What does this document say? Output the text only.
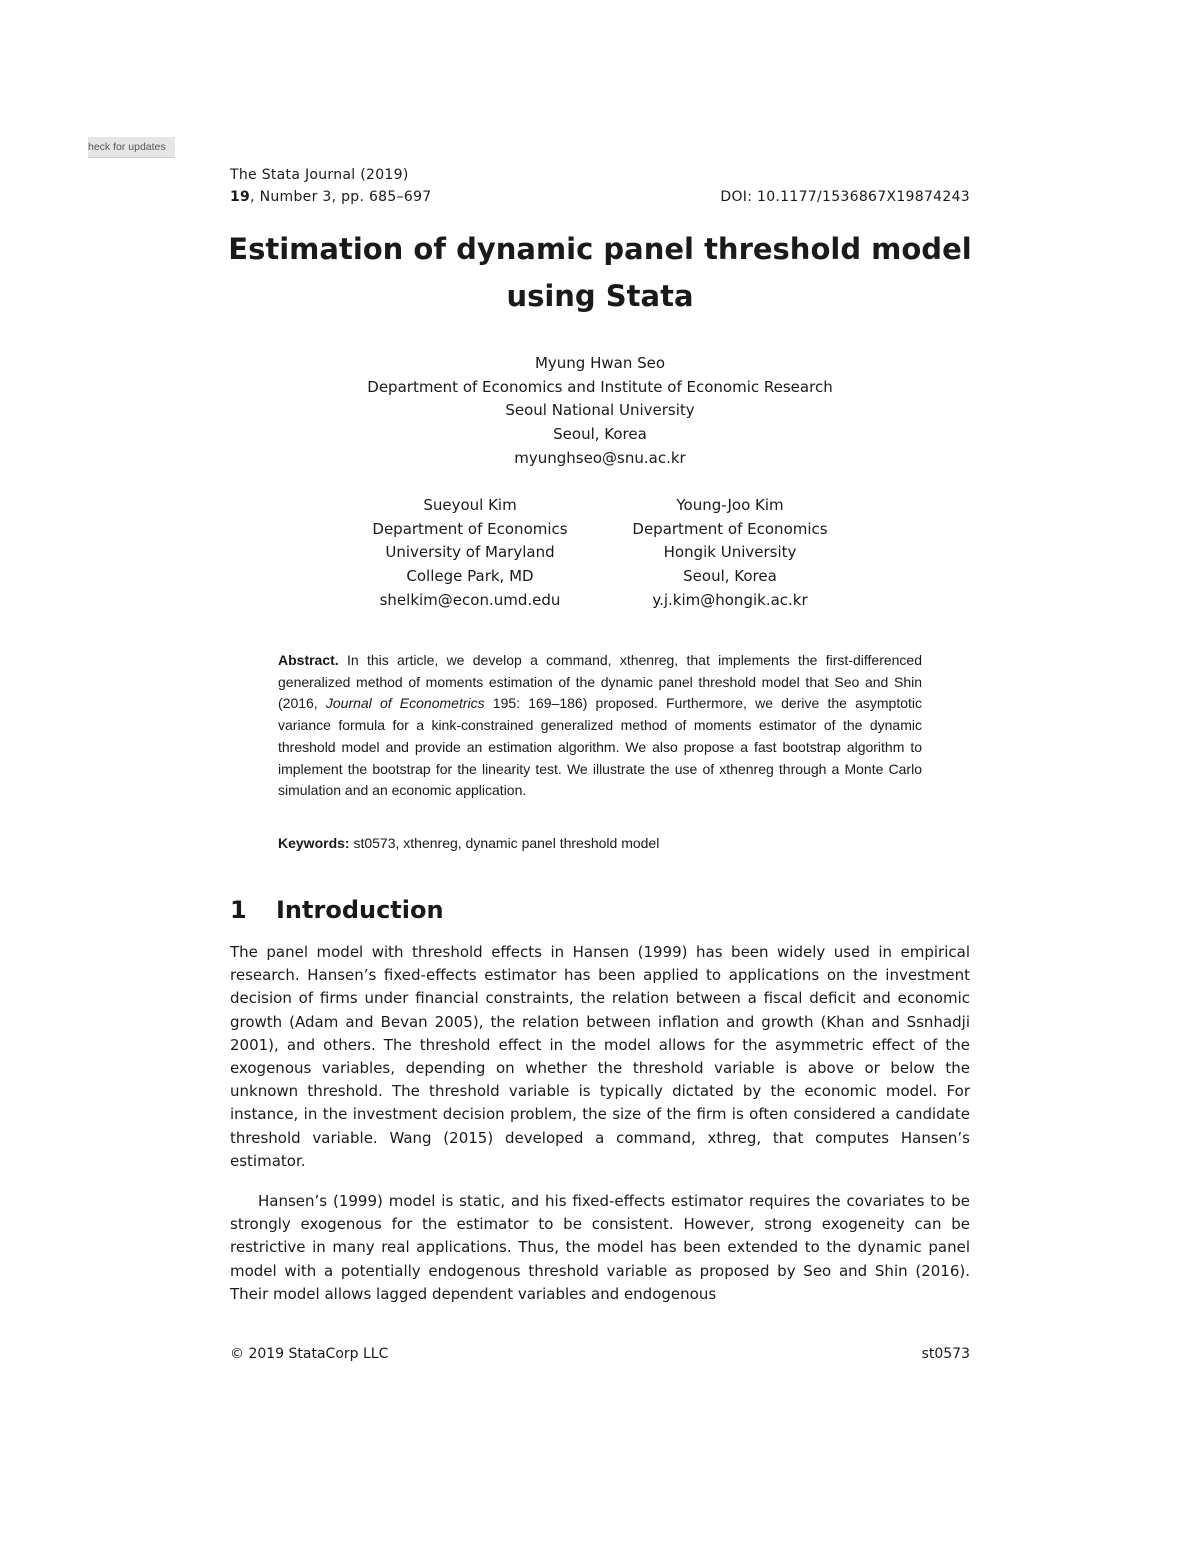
heck for updates
The Stata Journal (2019)
19, Number 3, pp. 685–697	DOI: 10.1177/1536867X19874243
Estimation of dynamic panel threshold model
using Stata
Myung Hwan Seo
Department of Economics and Institute of Economic Research
Seoul National University
Seoul, Korea
myunghseo@snu.ac.kr
Sueyoul Kim
Department of Economics
University of Maryland
College Park, MD
shelkim@econ.umd.edu
Young-Joo Kim
Department of Economics
Hongik University
Seoul, Korea
y.j.kim@hongik.ac.kr
Abstract. In this article, we develop a command, xthenreg, that implements the first-differenced generalized method of moments estimation of the dynamic panel threshold model that Seo and Shin (2016, Journal of Econometrics 195: 169–186) proposed. Furthermore, we derive the asymptotic variance formula for a kink-constrained generalized method of moments estimator of the dynamic threshold model and provide an estimation algorithm. We also propose a fast bootstrap algorithm to implement the bootstrap for the linearity test. We illustrate the use of xthenreg through a Monte Carlo simulation and an economic application.
Keywords: st0573, xthenreg, dynamic panel threshold model
1 Introduction
The panel model with threshold effects in Hansen (1999) has been widely used in empirical research. Hansen’s fixed-effects estimator has been applied to applications on the investment decision of firms under financial constraints, the relation between a fiscal deficit and economic growth (Adam and Bevan 2005), the relation between inflation and growth (Khan and Ssnhadji 2001), and others. The threshold effect in the model allows for the asymmetric effect of the exogenous variables, depending on whether the threshold variable is above or below the unknown threshold. The threshold variable is typically dictated by the economic model. For instance, in the investment decision problem, the size of the firm is often considered a candidate threshold variable. Wang (2015) developed a command, xthreg, that computes Hansen’s estimator.
Hansen’s (1999) model is static, and his fixed-effects estimator requires the covariates to be strongly exogenous for the estimator to be consistent. However, strong exogeneity can be restrictive in many real applications. Thus, the model has been extended to the dynamic panel model with a potentially endogenous threshold variable as proposed by Seo and Shin (2016). Their model allows lagged dependent variables and endogenous
© 2019 StataCorp LLC	st0573
